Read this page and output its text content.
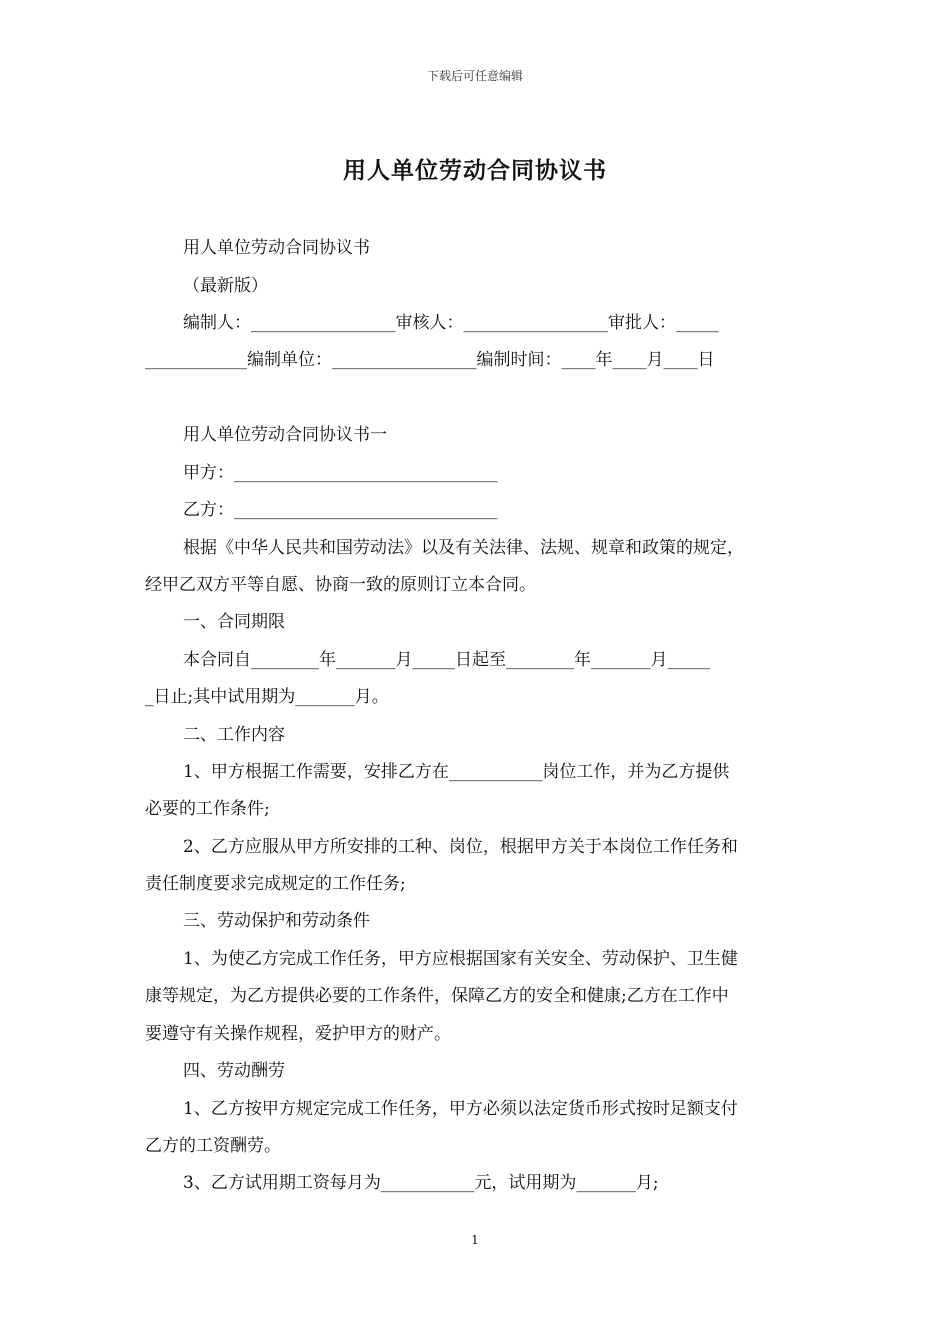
下载后可任意编辑
用人单位劳动合同协议书
用人单位劳动合同协议书
（最新版）
编制人：_________________审核人：_________________审批人：_____
____________编制单位：_________________编制时间：____年____月____日
用人单位劳动合同协议书一
甲方：_______________________________
乙方：_______________________________
根据《中华人民共和国劳动法》以及有关法律、法规、规章和政策的规定，
经甲乙双方平等自愿、协商一致的原则订立本合同。
一、合同期限
本合同自________年_______月_____日起至________年_______月_____
_日止;其中试用期为_______月。
二、工作内容
1、甲方根据工作需要，安排乙方在___________岗位工作，并为乙方提供
必要的工作条件;
2、乙方应服从甲方所安排的工种、岗位，根据甲方关于本岗位工作任务和
责任制度要求完成规定的工作任务;
三、劳动保护和劳动条件
1、为使乙方完成工作任务，甲方应根据国家有关安全、劳动保护、卫生健
康等规定，为乙方提供必要的工作条件，保障乙方的安全和健康;乙方在工作中
要遵守有关操作规程，爱护甲方的财产。
四、劳动酬劳
1、乙方按甲方规定完成工作任务，甲方必须以法定货币形式按时足额支付
乙方的工资酬劳。
3、乙方试用期工资每月为___________元，试用期为_______月;
1
